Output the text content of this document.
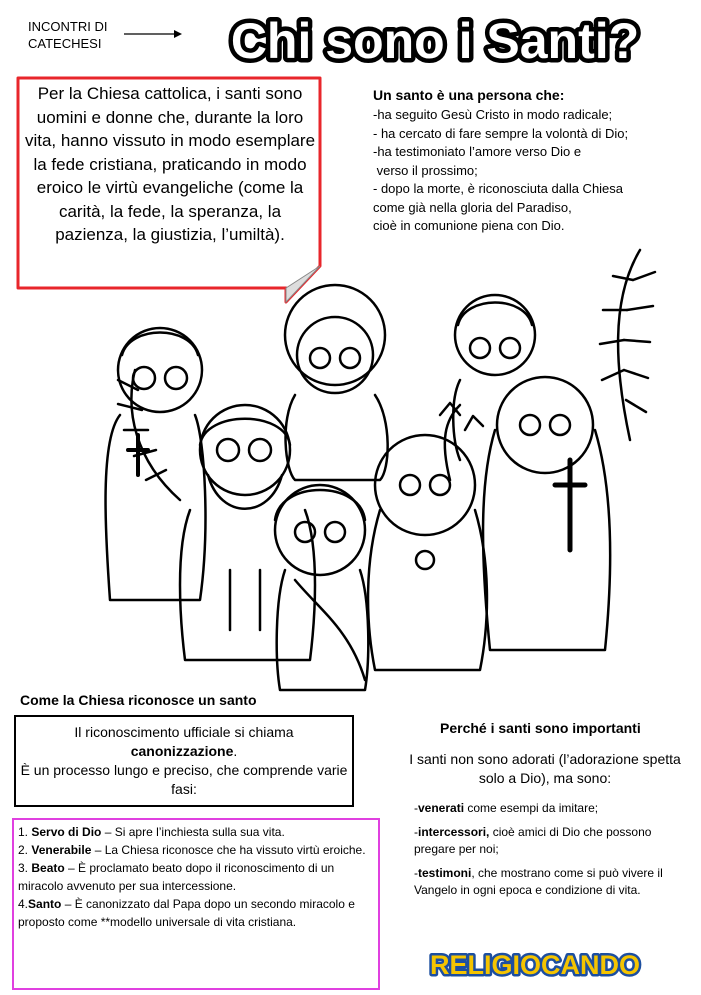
INCONTRI DI
CATECHESI	Chi sono i Santi?
Per la Chiesa cattolica, i santi sono uomini e donne che, durante la loro vita, hanno vissuto in modo esemplare la fede cristiana, praticando in modo eroico le virtù evangeliche (come la carità, la fede, la speranza, la pazienza, la giustizia, l’umiltà).
Un santo è una persona che:
-ha seguito Gesù Cristo in modo radicale;
- ha cercato di fare sempre la volontà di Dio;
-ha testimoniato l’amore verso Dio e
verso il prossimo;
- dopo la morte, è riconosciuta dalla Chiesa
come già nella gloria del Paradiso,
cioè in comunione piena con Dio.
Come la Chiesa riconosce un santo
Il riconoscimento ufficiale si chiama
canonizzazione.
È un processo lungo e preciso, che comprende varie fasi:

1. Servo di Dio – Si apre l’inchiesta sulla sua vita.

2. Venerabile – La Chiesa riconosce che ha vissuto virtù eroiche.

3. Beato – È proclamato beato dopo il riconoscimento di un miracolo avvenuto per sua intercessione.

4.Santo – È canonizzato dal Papa dopo un secondo miracolo e proposto come **modello universale di vita cristiana.

Perché i santi sono importanti
I santi non sono adorati (l’adorazione spetta solo a Dio), ma sono:

-venerati come esempi da imitare;

-intercessori, cioè amici di Dio che possono pregare per noi;

-testimoni, che mostrano come si può vivere il Vangelo in ogni epoca e condizione di vita.

RELIGIOCANDO
